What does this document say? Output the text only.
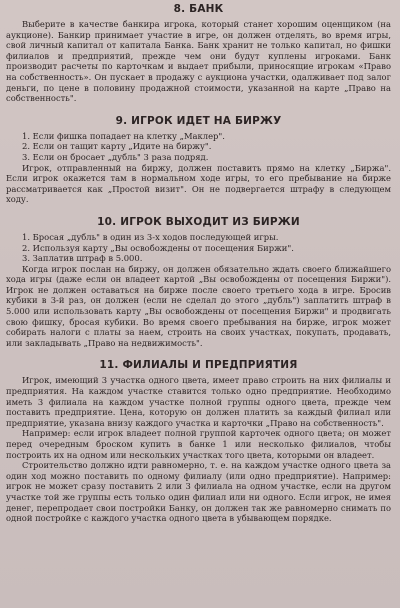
8. БАНК

Выберите в качестве банкира игрока, который станет хорошим оценщиком (на аукционе). Банкир принимает участие в игре, он должен отделять, во время игры, свой личный капитал от капитала Банка. Банк хранит не только капитал, но фишки филиалов и предприятий, прежде чем они будут куплены игроками. Банк производит расчеты по карточкам и выдает прибыли, приносящие игрокам «Право на собственность». Он пускает в продажу с аукциона участки, одалживает под залог деньги, по цене в половину продажной стоимости, указанной на карте „Право на собственность".

9. ИГРОК ИДЕТ НА БИРЖУ
1. Если фишка попадает на клетку „Маклер".
2. Если он тащит карту „Идите на биржу".
3. Если он бросает „дубль" 3 раза подряд.

Игрок, отправленный на биржу, должен поставить прямо на клетку „Биржа". Если игрок окажется там в нормальном ходе игры, то его пребывание на бирже рассматривается как „Простой визит". Он не подвергается штрафу в следующем ходу.

10. ИГРОК ВЫХОДИТ ИЗ БИРЖИ
1. Бросая „дубль" в один из 3-х ходов последующей игры.
2. Используя карту „Вы освобождены от посещения Биржи".
3. Заплатив штраф в 5.000.

Когда игрок послан на биржу, он должен обязательно ждать своего ближайшего хода игры (даже если он владеет картой „Вы освобождены от посещения Биржи"). Игрок не должен оставаться на бирже после своего третьего хода в игре. Бросив кубики в 3-й раз, он должен (если не сделал до этого „дубль") заплатить штраф в 5.000 или использовать карту „Вы освобождены от посещения Биржи" и продвигать свою фишку, бросая кубики. Во время своего пребывания на бирже, игрок может собирать налоги с платы за наем, строить на своих участках, покупать, продавать, или закладывать „Право на недвижимость".

11. ФИЛИАЛЫ И ПРЕДПРИЯТИЯ

Игрок, имеющий 3 участка одного цвета, имеет право строить на них филиалы и предприятия. На каждом участке ставится только одно предприятие. Необходимо иметь 3 филиала на каждом участке полной группы одного цвета, прежде чем поставить предприятие. Цена, которую он должен платить за каждый филиал или предприятие, указана внизу каждого участка и карточки „Право на собственность".

Например: если игрок владеет полной группой карточек одного цвета; он может перед очередным броском купить в банке 1 или несколько филиалов, чтобы построить их на одном или нескольких участках того цвета, которыми он владеет.

Строительство должно идти равномерно, т. е. на каждом участке одного цвета за один ход можно поставить по одному филиалу (или одно предприятие). Например: игрок не может сразу поставить 2 или 3 филиала на одном участке, если на другом участке той же группы есть только один филиал или ни одного. Если игрок, не имея денег, перепродает свои постройки Банку, он должен так же равномерно снимать по одной постройке с каждого участка одного цвета в убывающем порядке.
